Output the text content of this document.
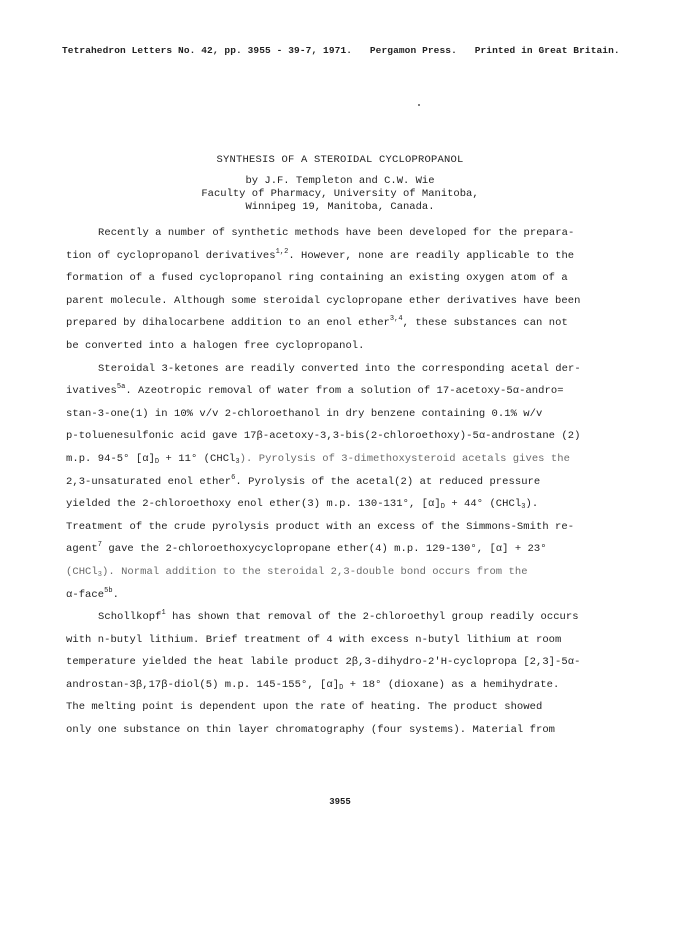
Tetrahedron Letters No. 42, pp. 3955 - 39‐7, 1971. Pergamon Press. Printed in Great Britain.
SYNTHESIS OF A STEROIDAL CYCLOPROPANOL
by J.F. Templeton and C.W. Wie
Faculty of Pharmacy, University of Manitoba,
Winnipeg 19, Manitoba, Canada.
Recently a number of synthetic methods have been developed for the prepara-
tion of cyclopropanol derivatives$^{1,2}$. However, none are readily applicable to the
formation of a fused cyclopropanol ring containing an existing oxygen atom of a
parent molecule. Although some steroidal cyclopropane ether derivatives have been
prepared by dihalocarbene addition to an enol ether$^{3,4}$, these substances can not
be converted into a halogen free cyclopropanol.
Steroidal 3-ketones are readily converted into the corresponding acetal der-
ivatives$^{5a}$. Azeotropic removal of water from a solution of 17-acetoxy-5α-andro=
stan-3-one(1) in 10% v/v 2-chloroethanol in dry benzene containing 0.1% w/v
p-toluenesulfonic acid gave 17β-acetoxy-3,3-bis(2-chloroethoxy)-5α-androstane (2)
m.p. 94-5° $[\alpha]_D + 11^\circ$ (CHCl$_3$). Pyrolysis of 3-dimethoxysteroid acetals gives the
2,3-unsaturated enol ether$^6$. Pyrolysis of the acetal(2) at reduced pressure
yielded the 2-chloroethoxy enol ether(3) m.p. 130-131°, $[\alpha]_D + 44^\circ$ (CHCl$_3$).
Treatment of the crude pyrolysis product with an excess of the Simmons-Smith re-
agent$^7$ gave the 2-chloroethoxycyclopropane ether(4) m.p. 129-130°, [α] + 23°
(CHCl$_3$). Normal addition to the steroidal 2,3-double bond occurs from the
α-face$^{5b}$.
Schollkopf$^1$ has shown that removal of the 2-chloroethyl group readily occurs
with n-butyl lithium. Brief treatment of 4 with excess n-butyl lithium at room
temperature yielded the heat labile product 2β,3-dihydro-2'H-cyclopropa [2,3]-5α-
androstan-3β,17β-diol(5) m.p. 145-155°, $[\alpha]_D + 18^\circ$ (dioxane) as a hemihydrate.
The melting point is dependent upon the rate of heating. The product showed
only one substance on thin layer chromatography (four systems). Material from
3955
